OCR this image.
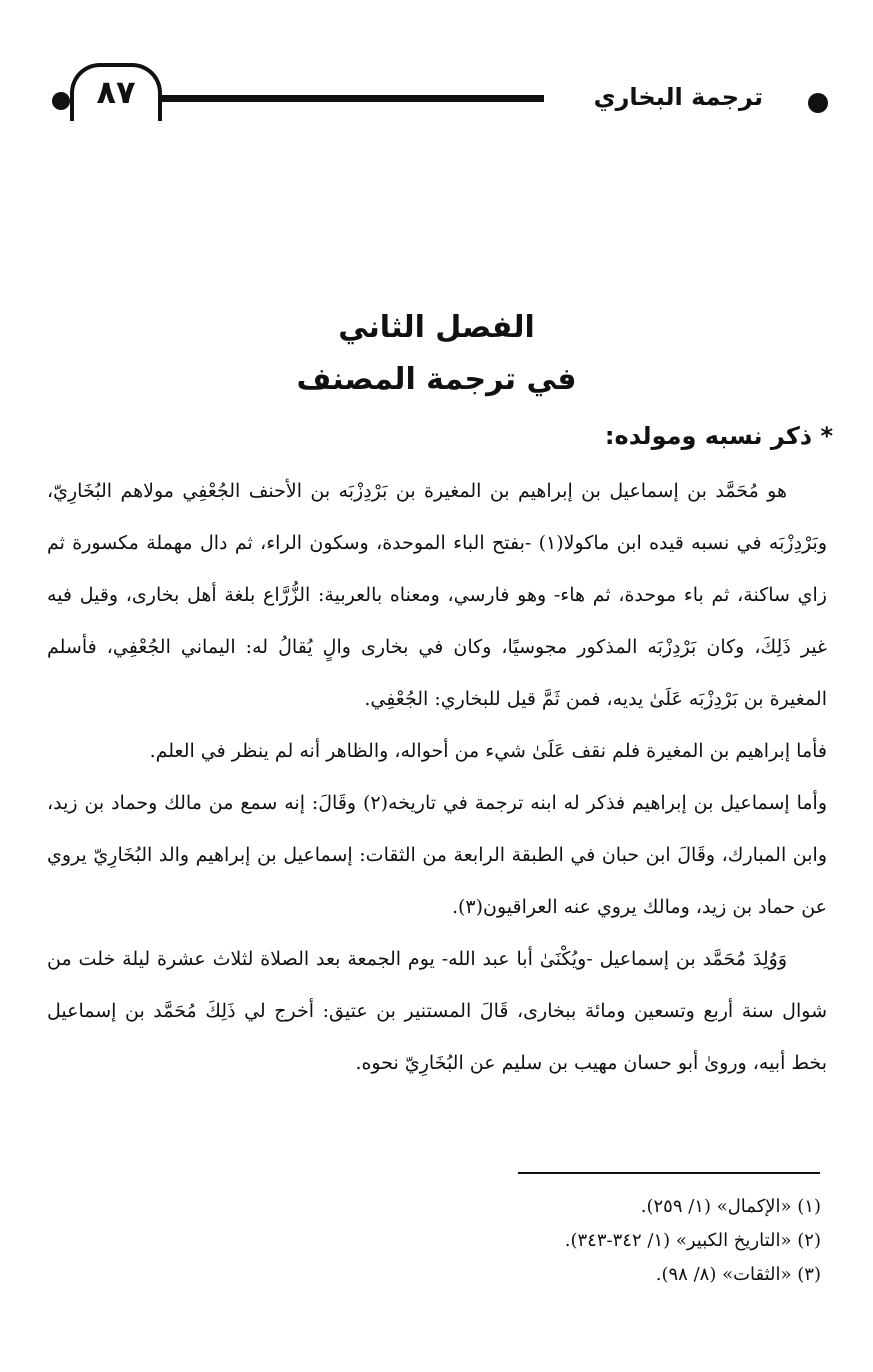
٨٧	ترجمة البخاري
الفصل الثاني
في ترجمة المصنف
* ذكر نسبه ومولده:

هو مُحَمَّد بن إسماعيل بن إبراهيم بن المغيرة بن بَرْدِزْبَه بن الأحنف الجُعْفِي مولاهم البُخَارِيّ، وبَرْدِزْبَه في نسبه قيده ابن ماكولا(١) -بفتح الباء الموحدة، وسكون الراء، ثم دال مهملة مكسورة ثم زاي ساكنة، ثم باء موحدة، ثم هاء- وهو فارسي، ومعناه بالعربية: الزُّرَّاع بلغة أهل بخارى، وقيل فيه غير ذَلِكَ، وكان بَرْدِزْبَه المذكور مجوسيًا، وكان في بخارى والٍ يُقالُ له: اليماني الجُعْفِي، فأسلم المغيرة بن بَرْدِزْبَه عَلَىٰ يديه، فمن ثَمَّ قيل للبخاري: الجُعْفِي.

فأما إبراهيم بن المغيرة فلم نقف عَلَىٰ شيء من أحواله، والظاهر أنه لم ينظر في العلم.

وأما إسماعيل بن إبراهيم فذكر له ابنه ترجمة في تاريخه(٢) وقَالَ: إنه سمع من مالك وحماد بن زيد، وابن المبارك، وقَالَ ابن حبان في الطبقة الرابعة من الثقات: إسماعيل بن إبراهيم والد البُخَارِيّ يروي عن حماد بن زيد، ومالك يروي عنه العراقيون(٣).

وَوُلِدَ مُحَمَّد بن إسماعيل -ويُكْنَىٰ أبا عبد الله- يوم الجمعة بعد الصلاة لثلاث عشرة ليلة خلت من شوال سنة أربع وتسعين ومائة ببخارى، قَالَ المستنير بن عتيق: أخرج لي ذَلِكَ مُحَمَّد بن إسماعيل بخط أبيه، وروىٰ أبو حسان مهيب بن سليم عن البُخَارِيّ نحوه.

(١) «الإكمال» (١/ ٢٥٩).
(٢) «التاريخ الكبير» (١/ ٣٤٢-٣٤٣).
(٣) «الثقات» (٨/ ٩٨).
